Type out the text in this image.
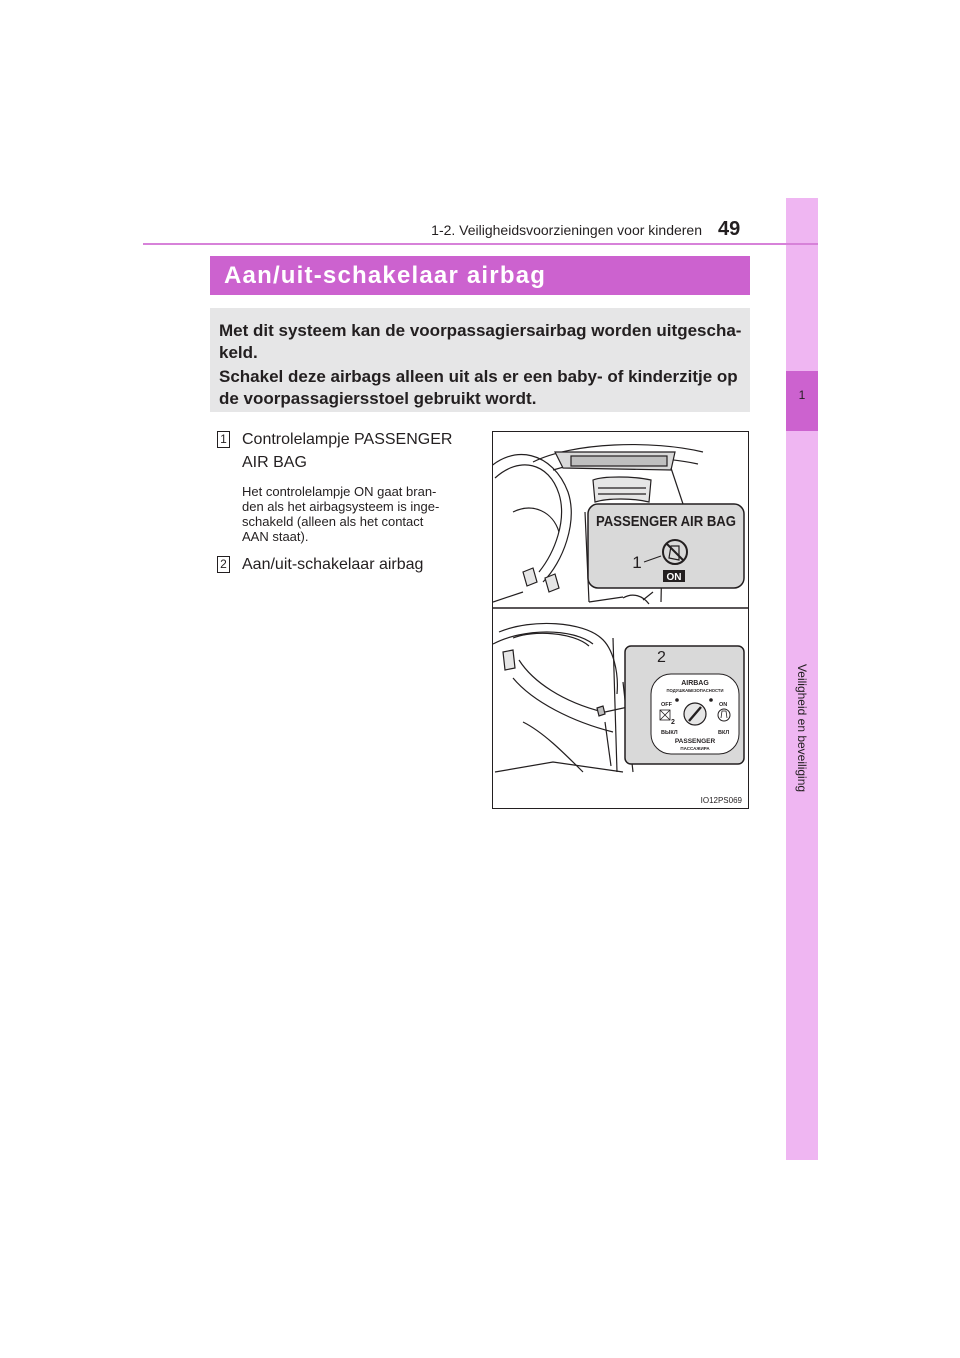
1
Veiligheid en beveiliging
1-2. Veiligheidsvoorzieningen voor kinderen 49
Aan/uit-schakelaar airbag

Met dit systeem kan de voorpassagiersairbag worden uitgescha-

keld.

Schakel deze airbags alleen uit als er een baby- of kinderzitje op

de voorpassagiersstoel gebruikt wordt.

1 Controlelampje PASSENGER
AIR BAG
Het controlelampje ON gaat bran-
den als het airbagsysteem is inge-
schakeld (alleen als het contact
AAN staat).
2 Aan/uit-schakelaar airbag
PASSENGER AIR BAG
1
ON
2
AIRBAG
ПОДУШКАБЕЗОПАСНОСТИ
OFF	ON
2
ВЫКЛ	ВКЛ
PASSENGER
ПАССАЖИРА
IO12PS069
